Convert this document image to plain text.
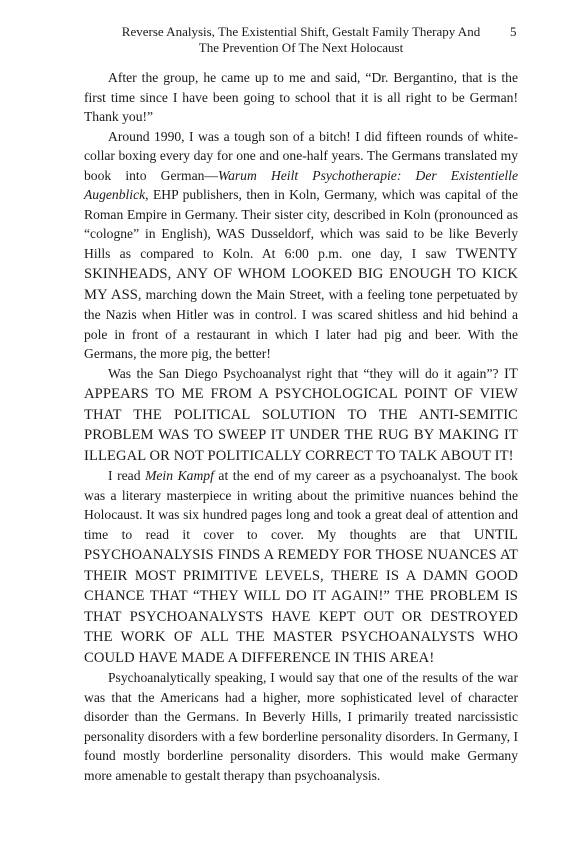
Reverse Analysis, The Existential Shift, Gestalt Family Therapy And
The Prevention Of The Next Holocaust
5

After the group, he came up to me and said, “Dr. Bergantino, that is the first time since I have been going to school that it is all right to be German! Thank you!”

Around 1990, I was a tough son of a bitch! I did fifteen rounds of white-collar boxing every day for one and one-half years. The Germans translated my book into German—Warum Heilt Psychotherapie: Der Existentielle Augenblick, EHP publishers, then in Koln, Germany, which was capital of the Roman Empire in Germany. Their sister city, described in Koln (pronounced as “cologne” in English), WAS Dusseldorf, which was said to be like Beverly Hills as compared to Koln. At 6:00 p.m. one day, I saw TWENTY SKINHEADS, ANY OF WHOM LOOKED BIG ENOUGH TO KICK MY ASS, marching down the Main Street, with a feeling tone perpetuated by the Nazis when Hitler was in control. I was scared shitless and hid behind a pole in front of a restaurant in which I later had pig and beer. With the Germans, the more pig, the better!

Was the San Diego Psychoanalyst right that “they will do it again”? IT APPEARS TO ME FROM A PSYCHOLOGICAL POINT OF VIEW THAT THE POLITICAL SOLUTION TO THE ANTI-SEMITIC PROBLEM WAS TO SWEEP IT UNDER THE RUG BY MAKING IT ILLEGAL OR NOT POLITICALLY CORRECT TO TALK ABOUT IT!

I read Mein Kampf at the end of my career as a psychoanalyst. The book was a literary masterpiece in writing about the primitive nuances behind the Holocaust. It was six hundred pages long and took a great deal of attention and time to read it cover to cover. My thoughts are that UNTIL PSYCHOANALYSIS FINDS A REMEDY FOR THOSE NUANCES AT THEIR MOST PRIMITIVE LEVELS, THERE IS A DAMN GOOD CHANCE THAT “THEY WILL DO IT AGAIN!” THE PROBLEM IS THAT PSYCHOANALYSTS HAVE KEPT OUT OR DESTROYED THE WORK OF ALL THE MASTER PSYCHOANALYSTS WHO COULD HAVE MADE A DIFFERENCE IN THIS AREA!

Psychoanalytically speaking, I would say that one of the results of the war was that the Americans had a higher, more sophisticated level of character disorder than the Germans. In Beverly Hills, I primarily treated narcissistic personality disorders with a few borderline personality disorders. In Germany, I found mostly borderline personality disorders. This would make Germany more amenable to gestalt therapy than psychoanalysis.
